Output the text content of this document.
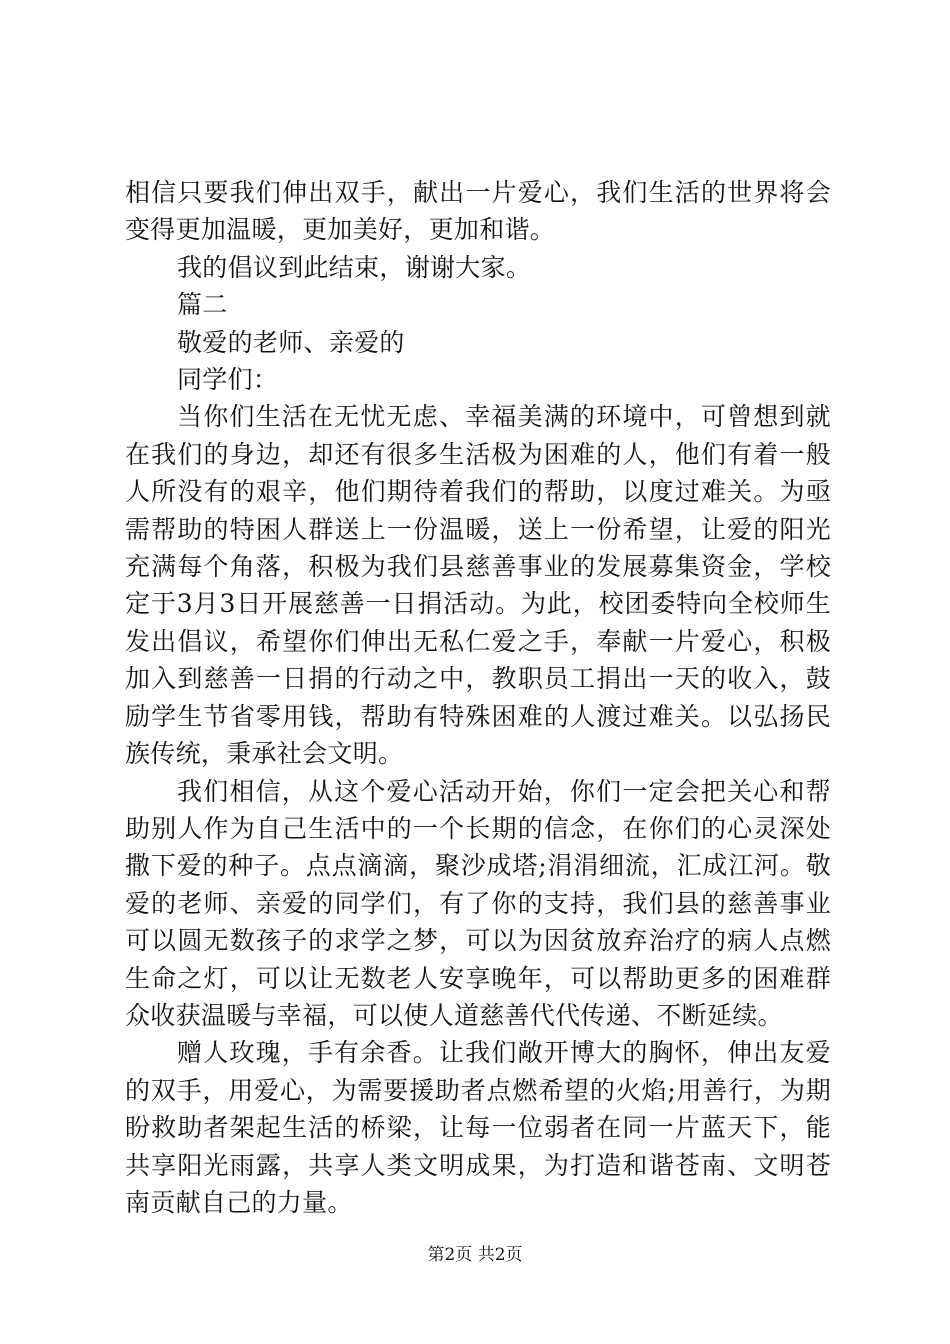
相信只要我们伸出双手，献出一片爱心，我们生活的世界将会变得更加温暖，更加美好，更加和谐。

我的倡议到此结束，谢谢大家。

篇二

敬爱的老师、亲爱的

同学们：

当你们生活在无忧无虑、幸福美满的环境中，可曾想到就在我们的身边，却还有很多生活极为困难的人，他们有着一般人所没有的艰辛，他们期待着我们的帮助，以度过难关。为亟需帮助的特困人群送上一份温暖，送上一份希望，让爱的阳光充满每个角落，积极为我们县慈善事业的发展募集资金，学校定于3月3日开展慈善一日捐活动。为此，校团委特向全校师生发出倡议，希望你们伸出无私仁爱之手，奉献一片爱心，积极加入到慈善一日捐的行动之中，教职员工捐出一天的收入，鼓励学生节省零用钱，帮助有特殊困难的人渡过难关。以弘扬民族传统，秉承社会文明。

我们相信，从这个爱心活动开始，你们一定会把关心和帮助别人作为自己生活中的一个长期的信念，在你们的心灵深处撒下爱的种子。点点滴滴，聚沙成塔;涓涓细流，汇成江河。敬爱的老师、亲爱的同学们，有了你的支持，我们县的慈善事业可以圆无数孩子的求学之梦，可以为因贫放弃治疗的病人点燃生命之灯，可以让无数老人安享晚年，可以帮助更多的困难群众收获温暖与幸福，可以使人道慈善代代传递、不断延续。

赠人玫瑰，手有余香。让我们敞开博大的胸怀，伸出友爱的双手，用爱心，为需要援助者点燃希望的火焰;用善行，为期盼救助者架起生活的桥梁，让每一位弱者在同一片蓝天下，能共享阳光雨露，共享人类文明成果，为打造和谐苍南、文明苍南贡献自己的力量。

第2页 共2页
